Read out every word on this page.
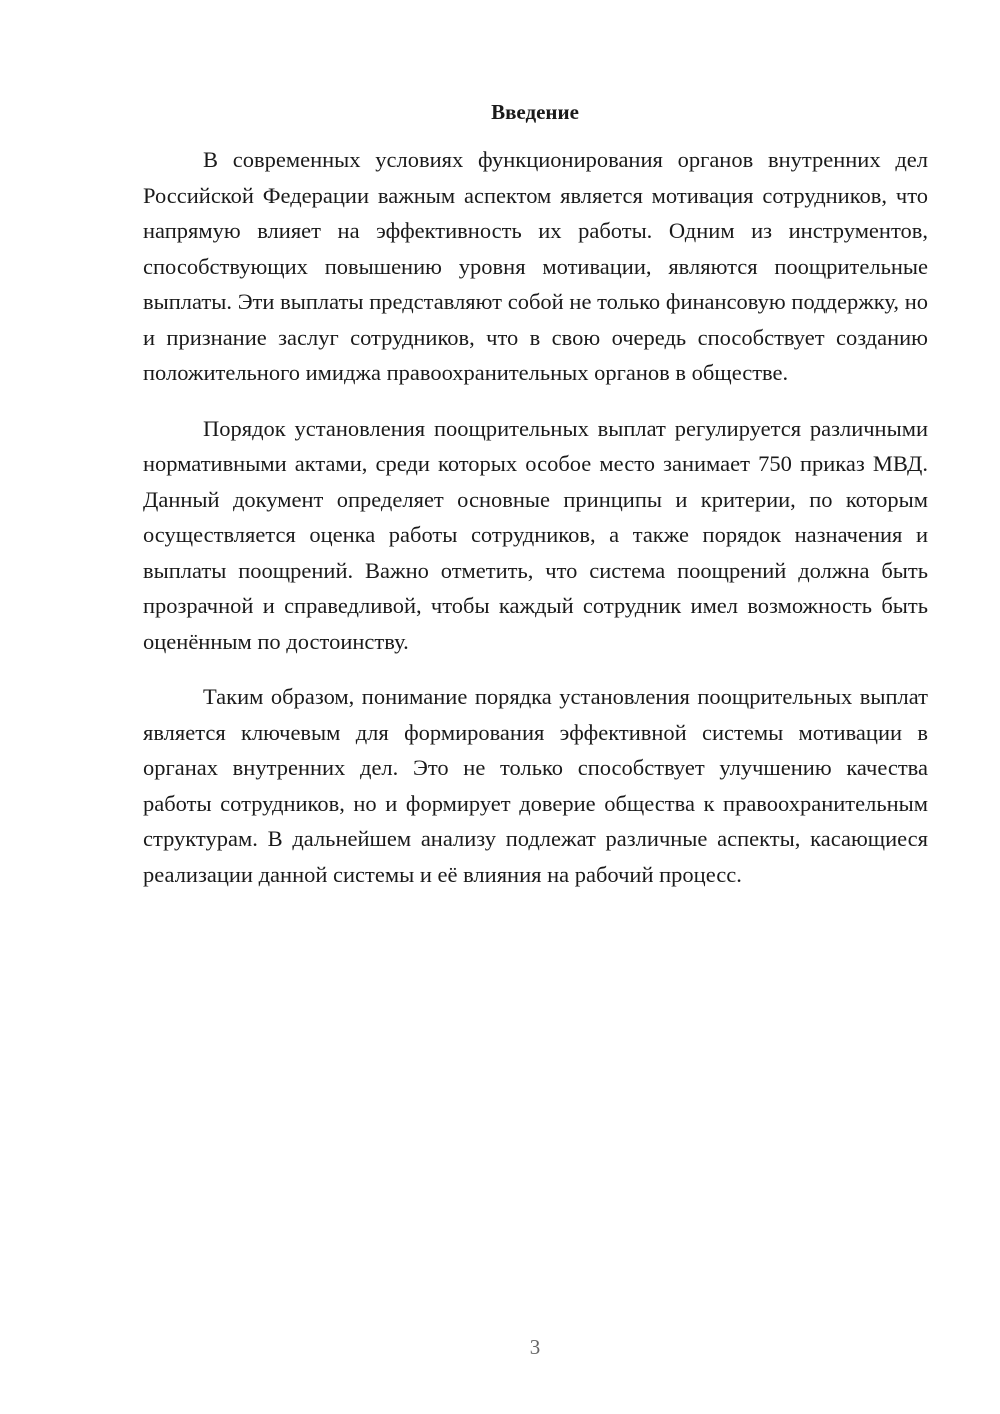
Введение

В современных условиях функционирования органов внутренних дел Российской Федерации важным аспектом является мотивация сотрудников, что напрямую влияет на эффективность их работы. Одним из инструментов, способствующих повышению уровня мотивации, являются поощрительные выплаты. Эти выплаты представляют собой не только финансовую поддержку, но и признание заслуг сотрудников, что в свою очередь способствует созданию положительного имиджа правоохранительных органов в обществе.

Порядок установления поощрительных выплат регулируется различными нормативными актами, среди которых особое место занимает 750 приказ МВД. Данный документ определяет основные принципы и критерии, по которым осуществляется оценка работы сотрудников, а также порядок назначения и выплаты поощрений. Важно отметить, что система поощрений должна быть прозрачной и справедливой, чтобы каждый сотрудник имел возможность быть оценённым по достоинству.

Таким образом, понимание порядка установления поощрительных выплат является ключевым для формирования эффективной системы мотивации в органах внутренних дел. Это не только способствует улучшению качества работы сотрудников, но и формирует доверие общества к правоохранительным структурам. В дальнейшем анализу подлежат различные аспекты, касающиеся реализации данной системы и её влияния на рабочий процесс.

3
